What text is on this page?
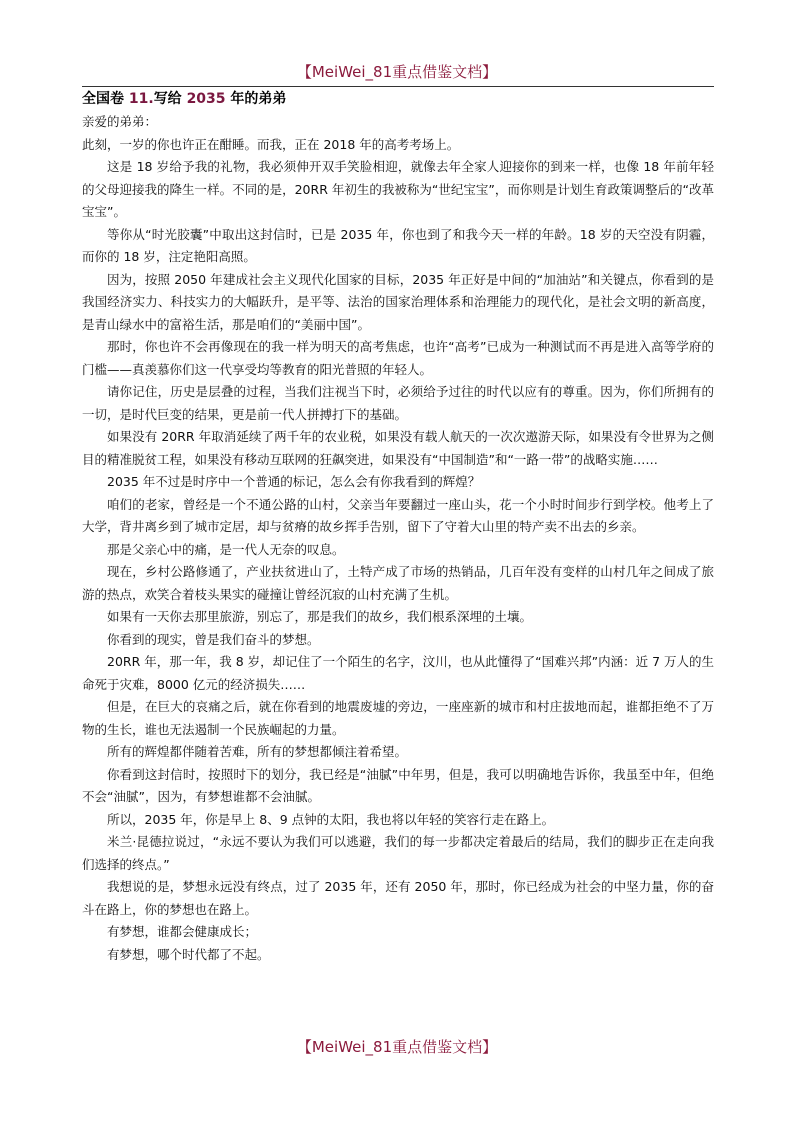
【MeiWei_81重点借鉴文档】
全国卷 11.写给 2035 年的弟弟

亲爱的弟弟：

此刻，一岁的你也许正在酣睡。而我，正在 2018 年的高考考场上。

这是 18 岁给予我的礼物，我必须伸开双手笑脸相迎，就像去年全家人迎接你的到来一样，也像 18 年前年轻的父母迎接我的降生一样。不同的是，20RR 年初生的我被称为“世纪宝宝”，而你则是计划生育政策调整后的“改革宝宝”。

等你从“时光胶囊”中取出这封信时，已是 2035 年，你也到了和我今天一样的年龄。18 岁的天空没有阴霾，而你的 18 岁，注定艳阳高照。

因为，按照 2050 年建成社会主义现代化国家的目标，2035 年正好是中间的“加油站”和关键点，你看到的是我国经济实力、科技实力的大幅跃升，是平等、法治的国家治理体系和治理能力的现代化，是社会文明的新高度，是青山绿水中的富裕生活，那是咱们的“美丽中国”。

那时，你也许不会再像现在的我一样为明天的高考焦虑，也许“高考”已成为一种测试而不再是进入高等学府的门槛——真羡慕你们这一代享受均等教育的阳光普照的年轻人。

请你记住，历史是层叠的过程，当我们注视当下时，必须给予过往的时代以应有的尊重。因为，你们所拥有的一切，是时代巨变的结果，更是前一代人拼搏打下的基础。

如果没有 20RR 年取消延续了两千年的农业税，如果没有载人航天的一次次遨游天际，如果没有令世界为之侧目的精准脱贫工程，如果没有移动互联网的狂飙突进，如果没有“中国制造”和“一路一带”的战略实施……

2035 年不过是时序中一个普通的标记，怎么会有你我看到的辉煌？

咱们的老家，曾经是一个不通公路的山村，父亲当年要翻过一座山头，花一个小时时间步行到学校。他考上了大学，背井离乡到了城市定居，却与贫瘠的故乡挥手告别，留下了守着大山里的特产卖不出去的乡亲。

那是父亲心中的痛，是一代人无奈的叹息。

现在，乡村公路修通了，产业扶贫进山了，土特产成了市场的热销品，几百年没有变样的山村几年之间成了旅游的热点，欢笑合着枝头果实的碰撞让曾经沉寂的山村充满了生机。

如果有一天你去那里旅游，别忘了，那是我们的故乡，我们根系深埋的土壤。

你看到的现实，曾是我们奋斗的梦想。

20RR 年，那一年，我 8 岁，却记住了一个陌生的名字，汶川，也从此懂得了“国难兴邦”内涵：近 7 万人的生命死于灾难，8000 亿元的经济损失……

但是，在巨大的哀痛之后，就在你看到的地震废墟的旁边，一座座新的城市和村庄拔地而起，谁都拒绝不了万物的生长，谁也无法遏制一个民族崛起的力量。

所有的辉煌都伴随着苦难，所有的梦想都倾注着希望。

你看到这封信时，按照时下的划分，我已经是“油腻”中年男，但是，我可以明确地告诉你，我虽至中年，但绝不会“油腻”，因为，有梦想谁都不会油腻。

所以，2035 年，你是早上 8、9 点钟的太阳，我也将以年轻的笑容行走在路上。

米兰·昆德拉说过，“永远不要认为我们可以逃避，我们的每一步都决定着最后的结局，我们的脚步正在走向我们选择的终点。”

我想说的是，梦想永远没有终点，过了 2035 年，还有 2050 年，那时，你已经成为社会的中坚力量，你的奋斗在路上，你的梦想也在路上。

有梦想，谁都会健康成长；

有梦想，哪个时代都了不起。

【MeiWei_81重点借鉴文档】
